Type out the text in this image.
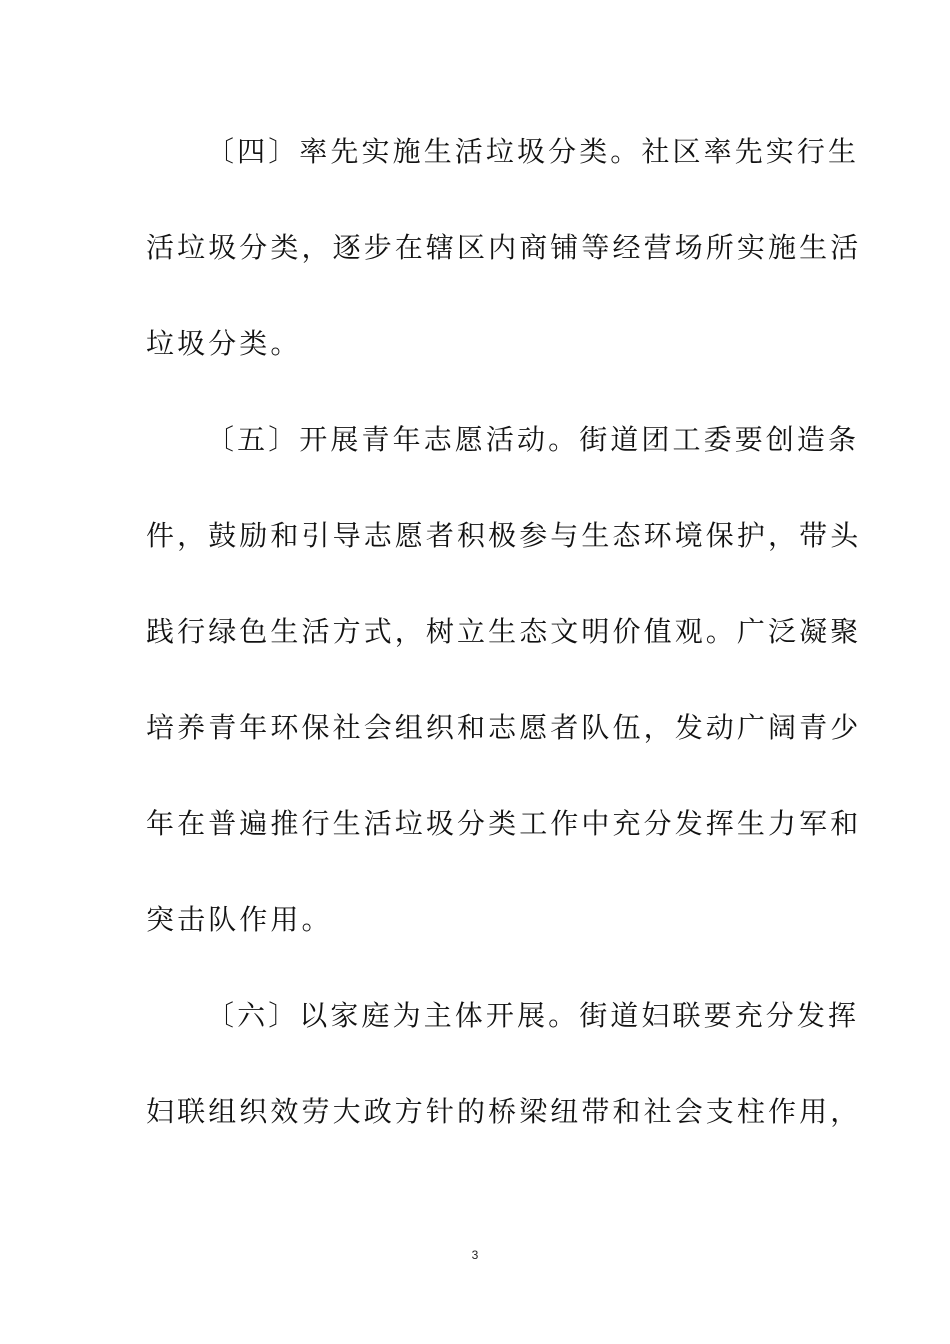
〔四〕率先实施生活垃圾分类。社区率先实行生
活垃圾分类，逐步在辖区内商铺等经营场所实施生活
垃圾分类。
〔五〕开展青年志愿活动。街道团工委要创造条
件，鼓励和引导志愿者积极参与生态环境保护，带头
践行绿色生活方式，树立生态文明价值观。广泛凝聚
培养青年环保社会组织和志愿者队伍，发动广阔青少
年在普遍推行生活垃圾分类工作中充分发挥生力军和
突击队作用。
〔六〕以家庭为主体开展。街道妇联要充分发挥
妇联组织效劳大政方针的桥梁纽带和社会支柱作用，
3
